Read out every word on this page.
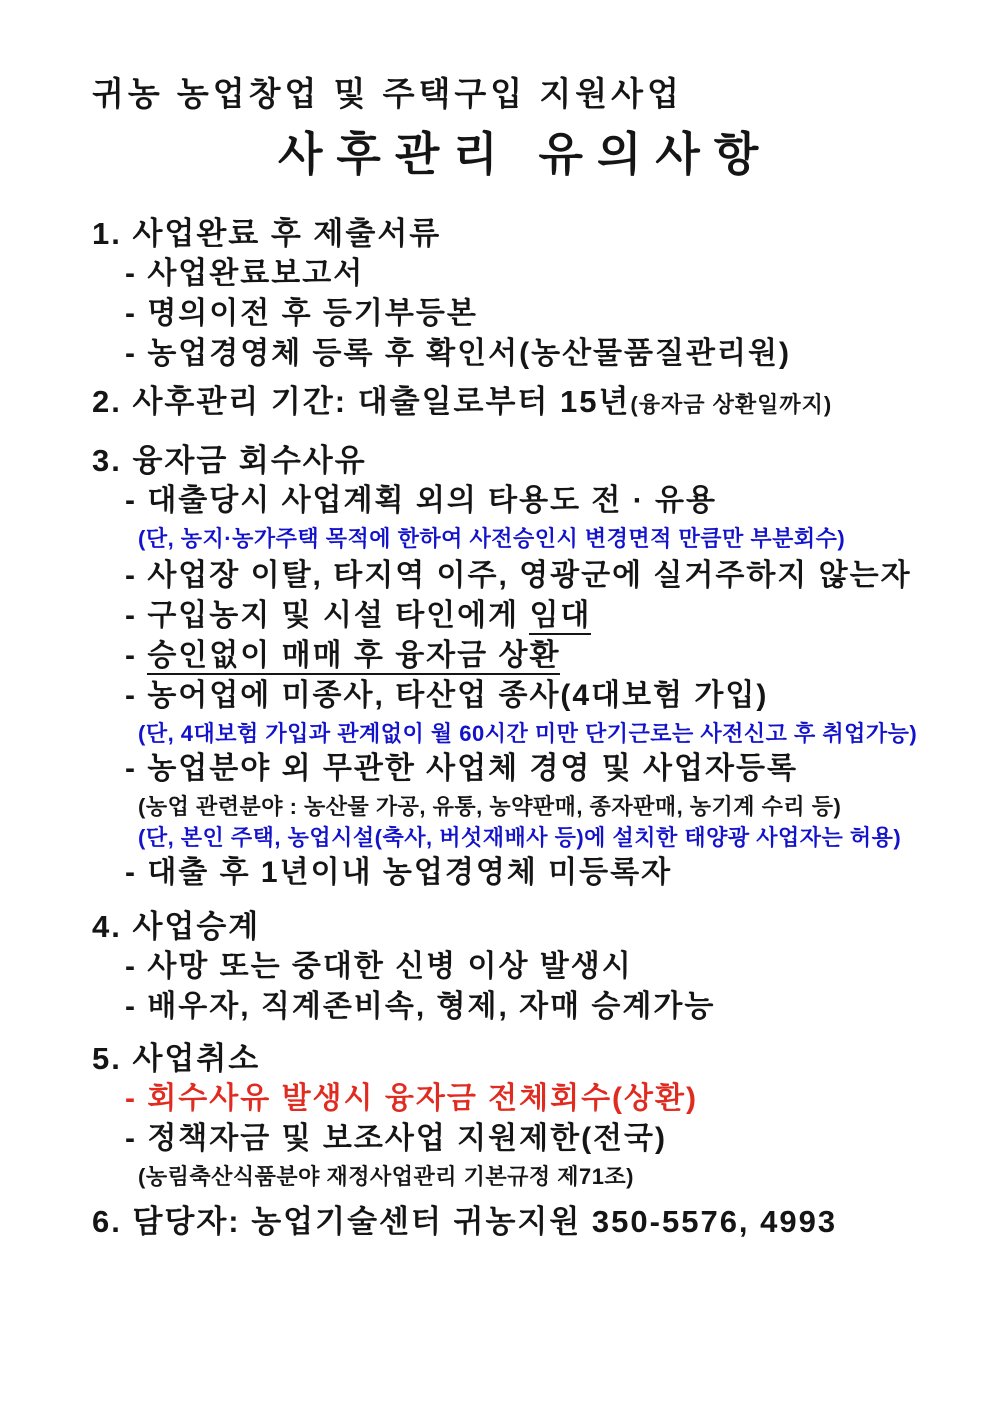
귀농 농업창업 및 주택구입 지원사업
사후관리 유의사항
1. 사업완료 후 제출서류
- 사업완료보고서
- 명의이전 후 등기부등본
- 농업경영체 등록 후 확인서(농산물품질관리원)
2. 사후관리 기간: 대출일로부터 15년(융자금 상환일까지)
3. 융자금 회수사유
- 대출당시 사업계획 외의 타용도 전 · 유용
(단, 농지·농가주택 목적에 한하여 사전승인시 변경면적 만큼만 부분회수)
- 사업장 이탈, 타지역 이주, 영광군에 실거주하지 않는자
- 구입농지 및 시설 타인에게 임대
- 승인없이 매매 후 융자금 상환
- 농어업에 미종사, 타산업 종사(4대보험 가입)
(단, 4대보험 가입과 관계없이 월 60시간 미만 단기근로는 사전신고 후 취업가능)
- 농업분야 외 무관한 사업체 경영 및 사업자등록
(농업 관련분야 : 농산물 가공, 유통, 농약판매, 종자판매, 농기계 수리 등)
(단, 본인 주택, 농업시설(축사, 버섯재배사 등)에 설치한 태양광 사업자는 허용)
- 대출 후 1년이내 농업경영체 미등록자
4. 사업승계
- 사망 또는 중대한 신병 이상 발생시
- 배우자, 직계존비속, 형제, 자매 승계가능
5. 사업취소
- 회수사유 발생시 융자금 전체회수(상환)
- 정책자금 및 보조사업 지원제한(전국)
(농림축산식품분야 재정사업관리 기본규정 제71조)
6. 담당자: 농업기술센터 귀농지원 350-5576, 4993
